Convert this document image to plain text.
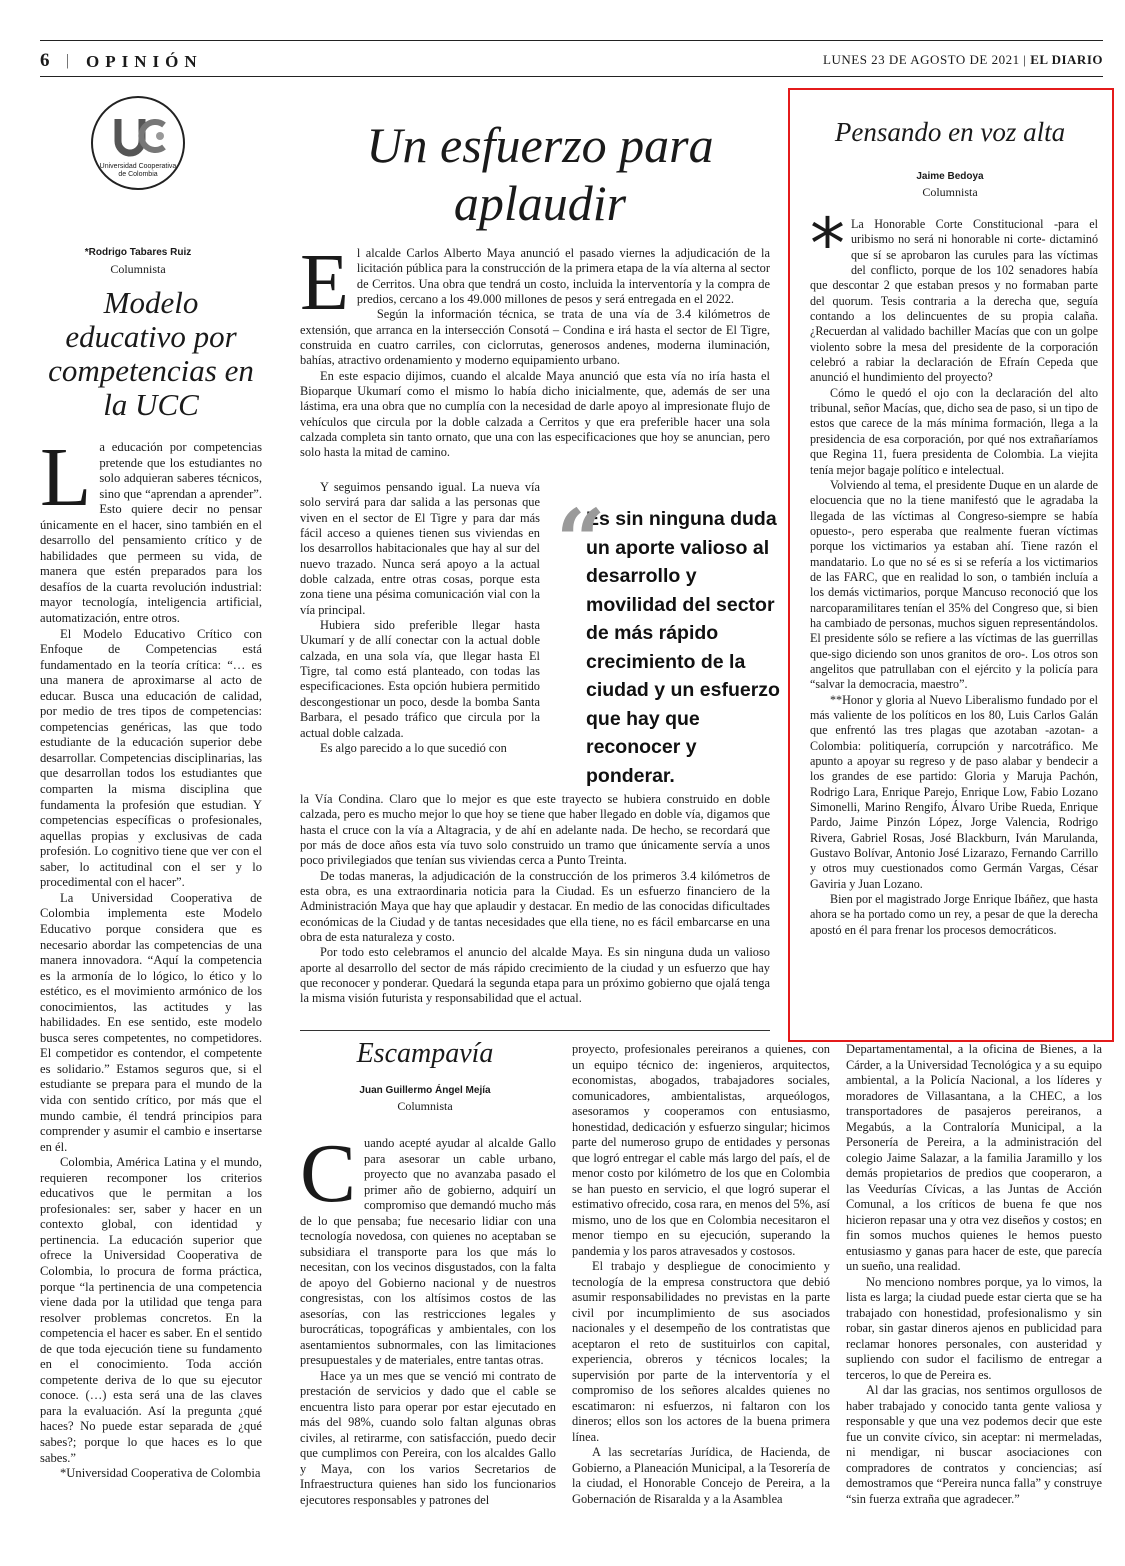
6 | OPINIÓN	LUNES 23 DE AGOSTO DE 2021 | EL DIARIO
Universidad Cooperativa
de Colombia
*Rodrigo Tabares Ruiz
Columnista
Modelo educativo por competencias en la UCC

La educación por competencias pretende que los estudiantes no solo adquieran saberes técnicos, sino que “aprendan a aprender”. Esto quiere decir no pensar únicamente en el hacer, sino también en el desarrollo del pensamiento crítico y de habilidades que permeen su vida, de manera que estén preparados para los desafíos de la cuarta revolución industrial: mayor tecnología, inteligencia artificial, automatización, entre otros.

El Modelo Educativo Crítico con Enfoque de Competencias está fundamentado en la teoría crítica: “… es una manera de aproximarse al acto de educar. Busca una educación de calidad, por medio de tres tipos de competencias: competencias genéricas, las que todo estudiante de la educación superior debe desarrollar. Competencias disciplinarias, las que desarrollan todos los estudiantes que comparten la misma disciplina que fundamenta la profesión que estudian. Y competencias específicas o profesionales, aquellas propias y exclusivas de cada profesión. Lo cognitivo tiene que ver con el saber, lo actitudinal con el ser y lo procedimental con el hacer”.

La Universidad Cooperativa de Colombia implementa este Modelo Educativo porque considera que es necesario abordar las competencias de una manera innovadora. “Aquí la competencia es la armonía de lo lógico, lo ético y lo estético, es el movimiento armónico de los conocimientos, las actitudes y las habilidades. En ese sentido, este modelo busca seres competentes, no competidores. El competidor es contendor, el competente es solidario.” Estamos seguros que, si el estudiante se prepara para el mundo de la vida con sentido crítico, por más que el mundo cambie, él tendrá principios para comprender y asumir el cambio e insertarse en él.

Colombia, América Latina y el mundo, requieren recomponer los criterios educativos que le permitan a los profesionales: ser, saber y hacer en un contexto global, con identidad y pertinencia. La educación superior que ofrece la Universidad Cooperativa de Colombia, lo procura de forma práctica, porque “la pertinencia de una competencia viene dada por la utilidad que tenga para resolver problemas concretos. En la competencia el hacer es saber. En el sentido de que toda ejecución tiene su fundamento en el conocimiento. Toda acción competente deriva de lo que su ejecutor conoce. (…) esta será una de las claves para la evaluación. Así la pregunta ¿qué haces? No puede estar separada de ¿qué sabes?; porque lo que haces es lo que sabes.”

*Universidad Cooperativa de Colombia

Un esfuerzo para
aplaudir

El alcalde Carlos Alberto Maya anunció el pasado viernes la adjudicación de la licitación pública para la construcción de la primera etapa de la vía alterna al sector de Cerritos. Una obra que tendrá un costo, incluida la interventoría y la compra de predios, cercano a los 49.000 millones de pesos y será entregada en el 2022.

Según la información técnica, se trata de una vía de 3.4 kilómetros de extensión, que arranca en la intersección Consotá – Condina e irá hasta el sector de El Tigre, construida en cuatro carriles, con ciclorrutas, generosos andenes, moderna iluminación, bahías, atractivo ordenamiento y moderno equipamiento urbano.

En este espacio dijimos, cuando el alcalde Maya anunció que esta vía no iría hasta el Bioparque Ukumarí como el mismo lo había dicho inicialmente, que, además de ser una lástima, era una obra que no cumplía con la necesidad de darle apoyo al impresionate flujo de vehículos que circula por la doble calzada a Cerritos y que era preferible hacer una sola calzada completa sin tanto ornato, que una con las especificaciones que hoy se anuncian, pero solo hasta la mitad de camino.

Y seguimos pensando igual. La nueva vía solo servirá para dar salida a las personas que viven en el sector de El Tigre y para dar más fácil acceso a quienes tienen sus viviendas en los desarrollos habitacionales que hay al sur del nuevo trazado. Nunca será apoyo a la actual doble calzada, entre otras cosas, porque esta zona tiene una pésima comunicación vial con la vía principal.

Hubiera sido preferible llegar hasta Ukumarí y de allí conectar con la actual doble calzada, en una sola vía, que llegar hasta El Tigre, tal como está planteado, con todas las especificaciones. Esta opción hubiera permitido descongestionar un poco, desde la bomba Santa Barbara, el pesado tráfico que circula por la actual doble calzada.

Es algo parecido a lo que sucedió con

“
Es sin ninguna duda un aporte valioso al desarrollo y movilidad del sector de más rápido crecimiento de la ciudad y un esfuerzo que hay que reconocer y ponderar.

la Vía Condina. Claro que lo mejor es que este trayecto se hubiera construido en doble calzada, pero es mucho mejor lo que hoy se tiene que haber llegado en doble vía, digamos que hasta el cruce con la vía a Altagracia, y de ahí en adelante nada. De hecho, se recordará que por más de doce años esta vía tuvo solo construido un tramo que únicamente servía a unos poco privilegiados que tenían sus viviendas cerca a Punto Treinta.

De todas maneras, la adjudicación de la construcción de los primeros 3.4 kilómetros de esta obra, es una extraordinaria noticia para la Ciudad. Es un esfuerzo financiero de la Administración Maya que hay que aplaudir y destacar. En medio de las conocidas dificultades económicas de la Ciudad y de tantas necesidades que ella tiene, no es fácil embarcarse en una obra de esta naturaleza y costo.

Por todo esto celebramos el anuncio del alcalde Maya. Es sin ninguna duda un valioso aporte al desarrollo del sector de más rápido crecimiento de la ciudad y un esfuerzo que hay que reconocer y ponderar. Quedará la segunda etapa para un próximo gobierno que ojalá tenga la misma visión futurista y responsabilidad que el actual.

Pensando en voz alta
Jaime Bedoya
Columnista

* La Honorable Corte Constitucional -para el uribismo no será ni honorable ni corte- dictaminó que sí se aprobaron las curules para las víctimas del conflicto, porque de los 102 senadores había que descontar 2 que estaban presos y no formaban parte del quorum. Tesis contraria a la derecha que, seguía contando a los delincuentes de su propia calaña. ¿Recuerdan al validado bachiller Macías que con un golpe violento sobre la mesa del presidente de la corporación celebró a rabiar la declaración de Efraín Cepeda que anunció el hundimiento del proyecto?

Cómo le quedó el ojo con la declaración del alto tribunal, señor Macías, que, dicho sea de paso, si un tipo de estos que carece de la más mínima formación, llega a la presidencia de esa corporación, por qué nos extrañaríamos que Regina 11, fuera presidenta de Colombia. La viejita tenía mejor bagaje político e intelectual.

Volviendo al tema, el presidente Duque en un alarde de elocuencia que no la tiene manifestó que le agradaba la llegada de las víctimas al Congreso-siempre se había opuesto-, pero esperaba que realmente fueran víctimas porque los victimarios ya estaban ahí. Tiene razón el mandatario. Lo que no sé es si se refería a los victimarios de las FARC, que en realidad lo son, o también incluía a los demás victimarios, porque Mancuso reconoció que los narcoparamilitares tenían el 35% del Congreso que, si bien ha cambiado de personas, muchos siguen representándolos. El presidente sólo se refiere a las víctimas de las guerrillas que-sigo diciendo son unos granitos de oro-. Los otros son angelitos que patrullaban con el ejército y la policía para “salvar la democracia, maestro”.

**Honor y gloria al Nuevo Liberalismo fundado por el más valiente de los políticos en los 80, Luis Carlos Galán que enfrentó las tres plagas que azotaban -azotan- a Colombia: politiquería, corrupción y narcotráfico. Me apunto a apoyar su regreso y de paso alabar y bendecir a los grandes de ese partido: Gloria y Maruja Pachón, Rodrigo Lara, Enrique Parejo, Enrique Low, Fabio Lozano Simonelli, Marino Rengifo, Álvaro Uribe Rueda, Enrique Pardo, Jaime Pinzón López, Jorge Valencia, Rodrigo Rivera, Gabriel Rosas, José Blackburn, Iván Marulanda, Gustavo Bolívar, Antonio José Lizarazo, Fernando Carrillo y otros muy cuestionados como Germán Vargas, César Gaviria y Juan Lozano.

Bien por el magistrado Jorge Enrique Ibáñez, que hasta ahora se ha portado como un rey, a pesar de que la derecha apostó en él para frenar los procesos democráticos.

Escampavía
Juan Guillermo Ángel Mejía
Columnista

Cuando acepté ayudar al alcalde Gallo para asesorar un cable urbano, proyecto que no avanzaba pasado el primer año de gobierno, adquirí un compromiso que demandó mucho más de lo que pensaba; fue necesario lidiar con una tecnología novedosa, con quienes no aceptaban se subsidiara el transporte para los que más lo necesitan, con los vecinos disgustados, con la falta de apoyo del Gobierno nacional y de nuestros congresistas, con los altísimos costos de las asesorías, con las restricciones legales y burocráticas, topográficas y ambientales, con los asentamientos subnormales, con las limitaciones presupuestales y de materiales, entre tantas otras.

Hace ya un mes que se venció mi contrato de prestación de servicios y dado que el cable se encuentra listo para operar por estar ejecutado en más del 98%, cuando solo faltan algunas obras civiles, al retirarme, con satisfacción, puedo decir que cumplimos con Pereira, con los alcaldes Gallo y Maya, con los varios Secretarios de Infraestructura quienes han sido los funcionarios ejecutores responsables y patrones del

proyecto, profesionales pereiranos a quienes, con un equipo técnico de: ingenieros, arquitectos, economistas, abogados, trabajadores sociales, comunicadores, ambientalistas, arqueólogos, asesoramos y cooperamos con entusiasmo, honestidad, dedicación y esfuerzo singular; hicimos parte del numeroso grupo de entidades y personas que logró entregar el cable más largo del país, el de menor costo por kilómetro de los que en Colombia se han puesto en servicio, el que logró superar el estimativo ofrecido, cosa rara, en menos del 5%, así mismo, uno de los que en Colombia necesitaron el menor tiempo en su ejecución, superando la pandemia y los paros atravesados y costosos.

El trabajo y despliegue de conocimiento y tecnología de la empresa constructora que debió asumir responsabilidades no previstas en la parte civil por incumplimiento de sus asociados nacionales y el desempeño de los contratistas que aceptaron el reto de sustituirlos con capital, experiencia, obreros y técnicos locales; la supervisión por parte de la interventoría y el compromiso de los señores alcaldes quienes no escatimaron: ni esfuerzos, ni faltaron con los dineros; ellos son los actores de la buena primera línea.

A las secretarías Jurídica, de Hacienda, de Gobierno, a Planeación Municipal, a la Tesorería de la ciudad, el Honorable Concejo de Pereira, a la Gobernación de Risaralda y a la Asamblea

Departamentamental, a la oficina de Bienes, a la Cárder, a la Universidad Tecnológica y a su equipo ambiental, a la Policía Nacional, a los líderes y moradores de Villasantana, a la CHEC, a los transportadores de pasajeros pereiranos, a Megabús, a la Contraloría Municipal, a la Personería de Pereira, a la administración del colegio Jaime Salazar, a la familia Jaramillo y los demás propietarios de predios que cooperaron, a las Veedurías Cívicas, a las Juntas de Acción Comunal, a los críticos de buena fe que nos hicieron repasar una y otra vez diseños y costos; en fin somos muchos quienes le hemos puesto entusiasmo y ganas para hacer de este, que parecía un sueño, una realidad.

No menciono nombres porque, ya lo vimos, la lista es larga; la ciudad puede estar cierta que se ha trabajado con honestidad, profesionalismo y sin robar, sin gastar dineros ajenos en publicidad para reclamar honores personales, con austeridad y supliendo con sudor el facilismo de entregar a terceros, lo que de Pereira es.

Al dar las gracias, nos sentimos orgullosos de haber trabajado y conocido tanta gente valiosa y responsable y que una vez podemos decir que este fue un convite cívico, sin aceptar: ni mermeladas, ni mendigar, ni buscar asociaciones con compradores de contratos y conciencias; así demostramos que “Pereira nunca falla” y construye “sin fuerza extraña que agradecer.”
